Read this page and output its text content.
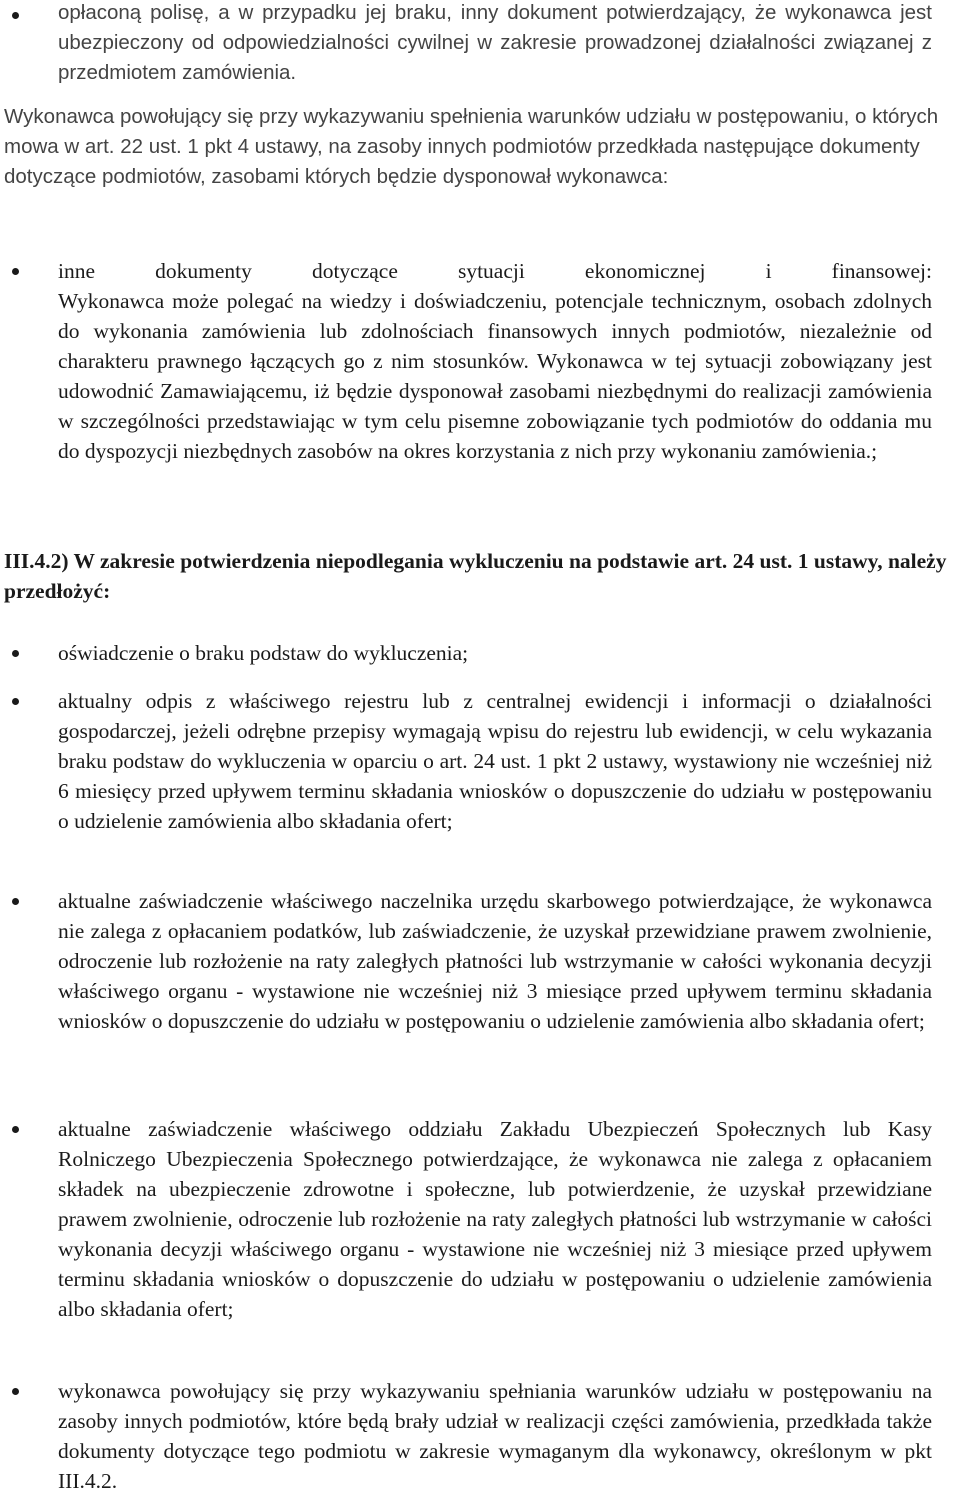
opłaconą polisę, a w przypadku jej braku, inny dokument potwierdzający, że wykonawca jest ubezpieczony od odpowiedzialności cywilnej w zakresie prowadzonej działalności związanej z przedmiotem zamówienia.
Wykonawca powołujący się przy wykazywaniu spełnienia warunków udziału w postępowaniu, o których mowa w art. 22 ust. 1 pkt 4 ustawy, na zasoby innych podmiotów przedkłada następujące dokumenty dotyczące podmiotów, zasobami których będzie dysponował wykonawca:
inne dokumenty dotyczące sytuacji ekonomicznej i finansowej:
Wykonawca może polegać na wiedzy i doświadczeniu, potencjale technicznym, osobach zdolnych do wykonania zamówienia lub zdolnościach finansowych innych podmiotów, niezależnie od charakteru prawnego łączących go z nim stosunków. Wykonawca w tej sytuacji zobowiązany jest udowodnić Zamawiającemu, iż będzie dysponował zasobami niezbędnymi do realizacji zamówienia w szczególności przedstawiając w tym celu pisemne zobowiązanie tych podmiotów do oddania mu do dyspozycji niezbędnych zasobów na okres korzystania z nich przy wykonaniu zamówienia.;
III.4.2) W zakresie potwierdzenia niepodlegania wykluczeniu na podstawie art. 24 ust. 1 ustawy, należy przedłożyć:
oświadczenie o braku podstaw do wykluczenia;
aktualny odpis z właściwego rejestru lub z centralnej ewidencji i informacji o działalności gospodarczej, jeżeli odrębne przepisy wymagają wpisu do rejestru lub ewidencji, w celu wykazania braku podstaw do wykluczenia w oparciu o art. 24 ust. 1 pkt 2 ustawy, wystawiony nie wcześniej niż 6 miesięcy przed upływem terminu składania wniosków o dopuszczenie do udziału w postępowaniu o udzielenie zamówienia albo składania ofert;
aktualne zaświadczenie właściwego naczelnika urzędu skarbowego potwierdzające, że wykonawca nie zalega z opłacaniem podatków, lub zaświadczenie, że uzyskał przewidziane prawem zwolnienie, odroczenie lub rozłożenie na raty zaległych płatności lub wstrzymanie w całości wykonania decyzji właściwego organu - wystawione nie wcześniej niż 3 miesiące przed upływem terminu składania wniosków o dopuszczenie do udziału w postępowaniu o udzielenie zamówienia albo składania ofert;
aktualne zaświadczenie właściwego oddziału Zakładu Ubezpieczeń Społecznych lub Kasy Rolniczego Ubezpieczenia Społecznego potwierdzające, że wykonawca nie zalega z opłacaniem składek na ubezpieczenie zdrowotne i społeczne, lub potwierdzenie, że uzyskał przewidziane prawem zwolnienie, odroczenie lub rozłożenie na raty zaległych płatności lub wstrzymanie w całości wykonania decyzji właściwego organu - wystawione nie wcześniej niż 3 miesiące przed upływem terminu składania wniosków o dopuszczenie do udziału w postępowaniu o udzielenie zamówienia albo składania ofert;
wykonawca powołujący się przy wykazywaniu spełniania warunków udziału w postępowaniu na zasoby innych podmiotów, które będą brały udział w realizacji części zamówienia, przedkłada także dokumenty dotyczące tego podmiotu w zakresie wymaganym dla wykonawcy, określonym w pkt III.4.2.
